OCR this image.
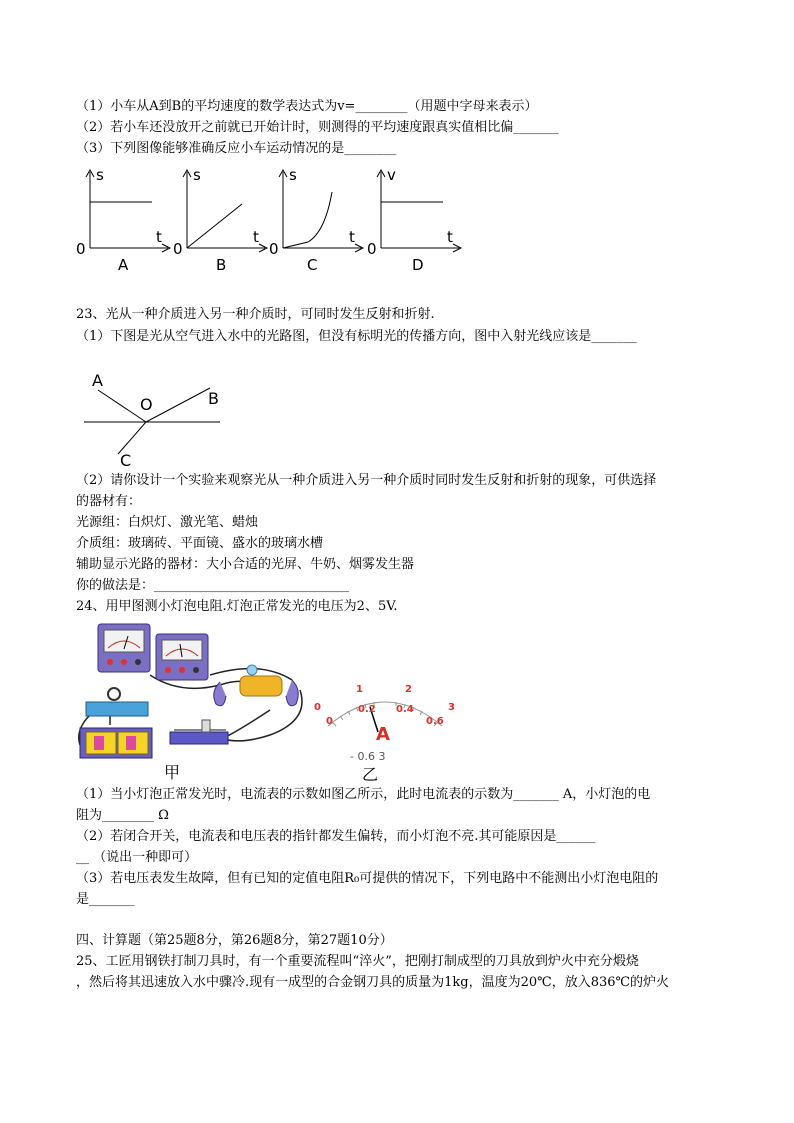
（1）小车从A到B的平均速度的数学表达式为v=________（用题中字母来表示）
（2）若小车还没放开之前就已开始计时，则测得的平均速度跟真实值相比偏_______
（3）下列图像能够准确反应小车运动情况的是________
s
t
0
A
s
t
0
B
s
t
0
C
v
t
0
D
23、光从一种介质进入另一种介质时，可同时发生反射和折射.
（1）下图是光从空气进入水中的光路图，但没有标明光的传播方向，图中入射光线应该是_______
A
O	B
C
（2）请你设计一个实验来观察光从一种介质进入另一种介质时同时发生反射和折射的现象，可供选择
的器材有：
光源组：白炽灯、激光笔、蜡烛
介质组：玻璃砖、平面镜、盛水的玻璃水槽
辅助显示光路的器材：大小合适的光屏、牛奶、烟雾发生器
你的做法是：______________________________
24、用甲图测小灯泡电阻.灯泡正常发光的电压为2、5V.
甲
0
1	2
3
0
0.2 0.4
0.6
A
- 0.6 3
乙
（1）当小灯泡正常发光时，电流表的示数如图乙所示，此时电流表的示数为_______ A，小灯泡的电
阻为________ Ω
（2）若闭合开关，电流表和电压表的指针都发生偏转，而小灯泡不亮.其可能原因是______
__ （说出一种即可）
（3）若电压表发生故障，但有已知的定值电阻R₀可提供的情况下，下列电路中不能测出小灯泡电阻的
是_______
四、计算题（第25题8分，第26题8分，第27题10分）
25、工匠用钢铁打制刀具时，有一个重要流程叫“淬火”，把刚打制成型的刀具放到炉火中充分煅烧
，然后将其迅速放入水中骤冷.现有一成型的合金钢刀具的质量为1kg，温度为20℃，放入836℃的炉火
